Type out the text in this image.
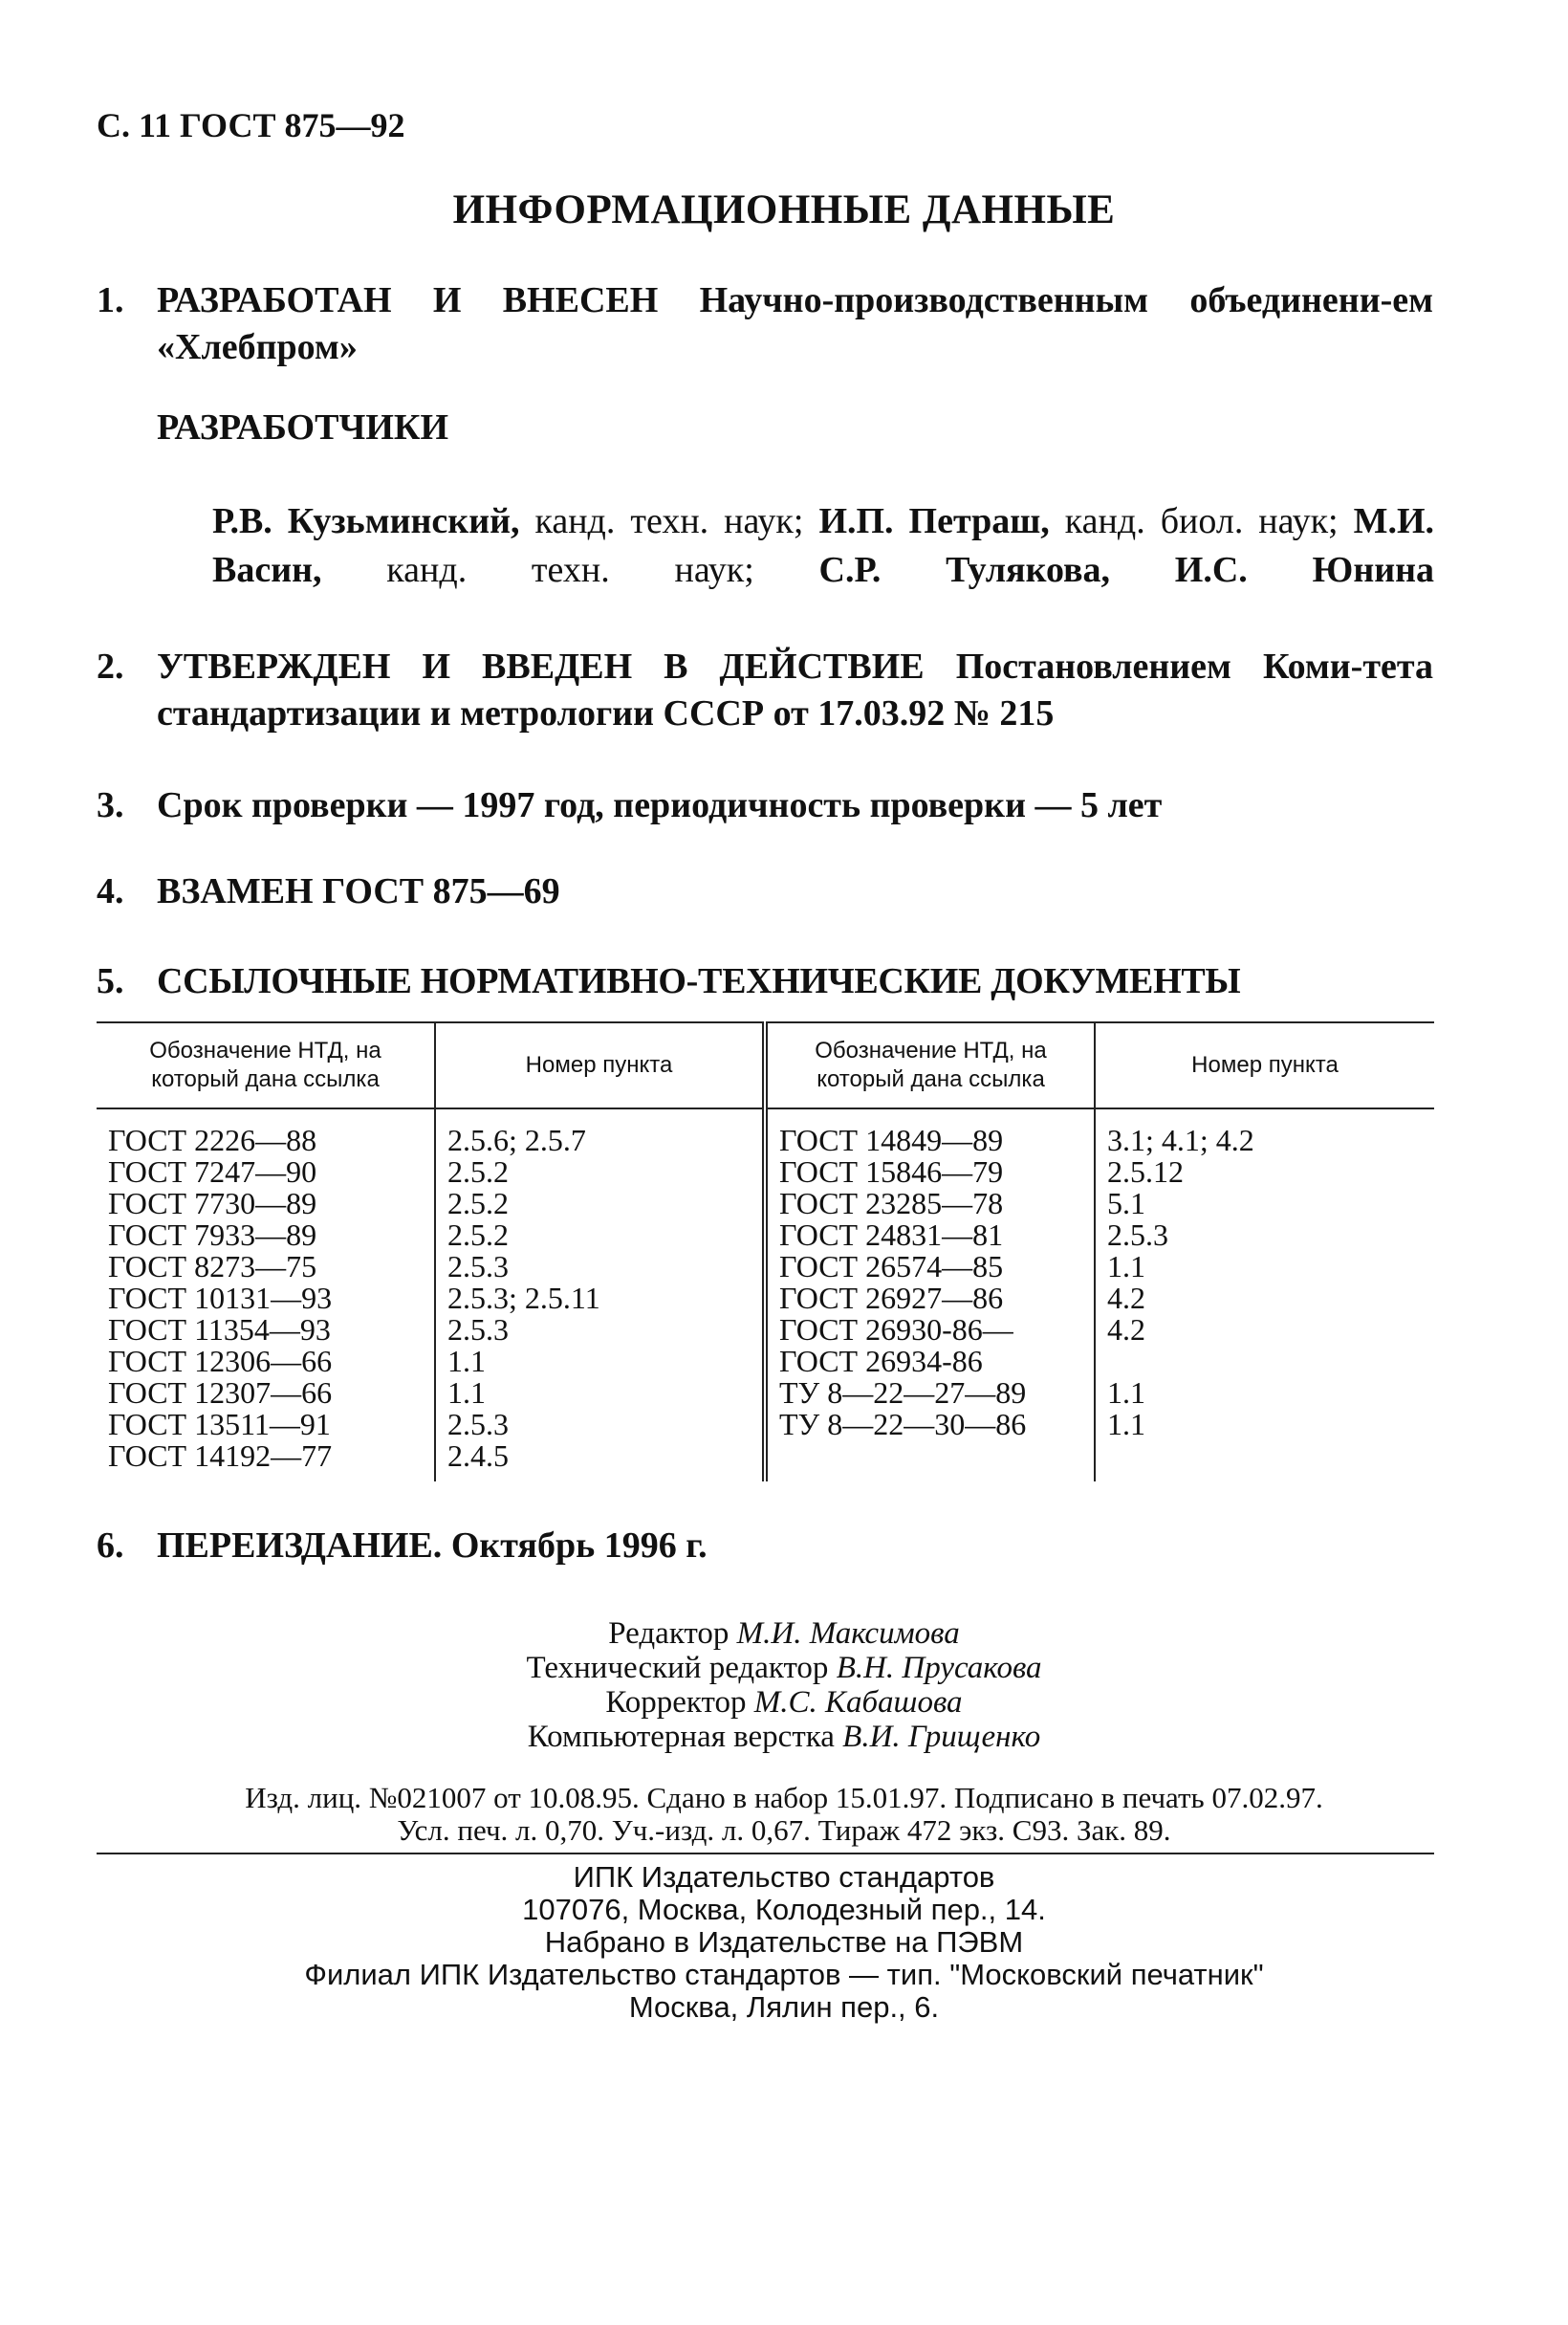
С. 11 ГОСТ 875—92
ИНФОРМАЦИОННЫЕ ДАННЫЕ
1. РАЗРАБОТАН И ВНЕСЕН Научно-производственным объединени-ем «Хлебпром»
РАЗРАБОТЧИКИ
Р.В. Кузьминский, канд. техн. наук; И.П. Петраш, канд. биол. наук; М.И. Васин, канд. техн. наук; С.Р. Тулякова, И.С. Юнина
2. УТВЕРЖДЕН И ВВЕДЕН В ДЕЙСТВИЕ Постановлением Коми-тета стандартизации и метрологии СССР от 17.03.92 № 215
3. Срок проверки — 1997 год, периодичность проверки — 5 лет
4. ВЗАМЕН ГОСТ 875—69
5. ССЫЛОЧНЫЕ НОРМАТИВНО-ТЕХНИЧЕСКИЕ ДОКУМЕНТЫ
Обозначение НТД, на который дана ссылка	Номер пункта	Обозначение НТД, на который дана ссылка	Номер пункта
ГОСТ 2226—88	2.5.6; 2.5.7	ГОСТ 14849—89	3.1; 4.1; 4.2
ГОСТ 7247—90	2.5.2	ГОСТ 15846—79	2.5.12
ГОСТ 7730—89	2.5.2	ГОСТ 23285—78	5.1
ГОСТ 7933—89	2.5.2	ГОСТ 24831—81	2.5.3
ГОСТ 8273—75	2.5.3	ГОСТ 26574—85	1.1
ГОСТ 10131—93	2.5.3; 2.5.11	ГОСТ 26927—86	4.2
ГОСТ 11354—93	2.5.3	ГОСТ 26930-86—	4.2
ГОСТ 12306—66	1.1	ГОСТ 26934-86	
ГОСТ 12307—66	1.1	ТУ 8—22—27—89	1.1
ГОСТ 13511—91	2.5.3	ТУ 8—22—30—86	1.1
ГОСТ 14192—77	2.4.5		
6. ПЕРЕИЗДАНИЕ. Октябрь 1996 г.
Редактор М.И. Максимова
Технический редактор В.Н. Прусакова
Корректор М.С. Кабашова
Компьютерная верстка В.И. Грищенко
Изд. лиц. №021007 от 10.08.95. Сдано в набор 15.01.97. Подписано в печать 07.02.97.
Усл. печ. л. 0,70. Уч.-изд. л. 0,67. Тираж 472 экз. С93. Зак. 89.
ИПК Издательство стандартов
107076, Москва, Колодезный пер., 14.
Набрано в Издательстве на ПЭВМ
Филиал ИПК Издательство стандартов — тип. "Московский печатник"
Москва, Лялин пер., 6.
